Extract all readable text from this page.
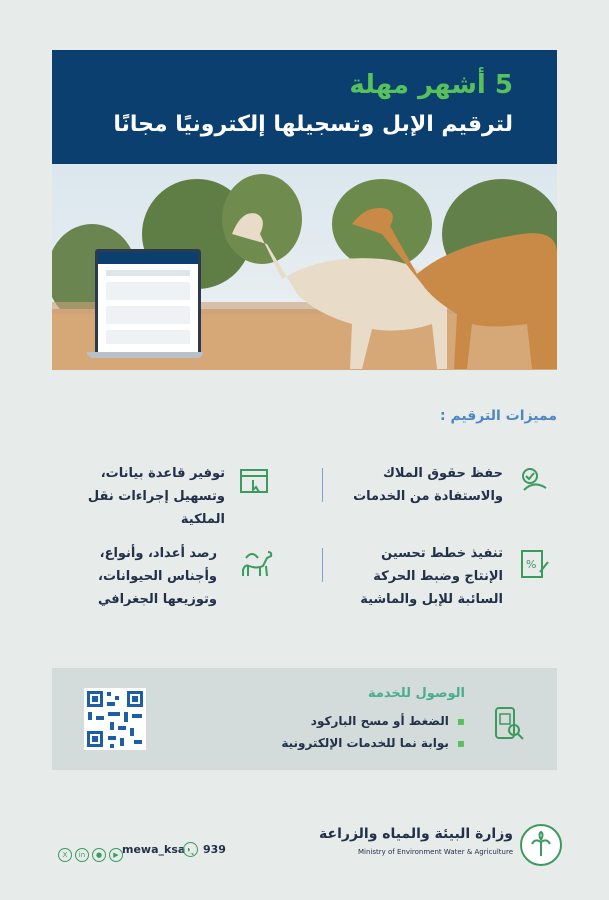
5 أشهر مهلة
لترقيم الإبل وتسجيلها إلكترونيًا مجانًا
مميزات الترقيم :
حفظ حقوق الملاك والاستفادة من الخدمات
توفير قاعدة بيانات، وتسهيل إجراءات نقل الملكية
%
تنفيذ خطط تحسين الإنتاج وضبط الحركة السائبة للإبل والماشية
رصد أعداد، وأنواع، وأجناس الحيوانات، وتوزيعها الجغرافي
الوصول للخدمة
▪ الضغط أو مسح الباركود
▪ بوابة نما للخدمات الإلكترونية
وزارة البيئة والمياه والزراعة
Ministry of Environment Water & Agriculture
X in ● ▶ mewa_ksa 939
